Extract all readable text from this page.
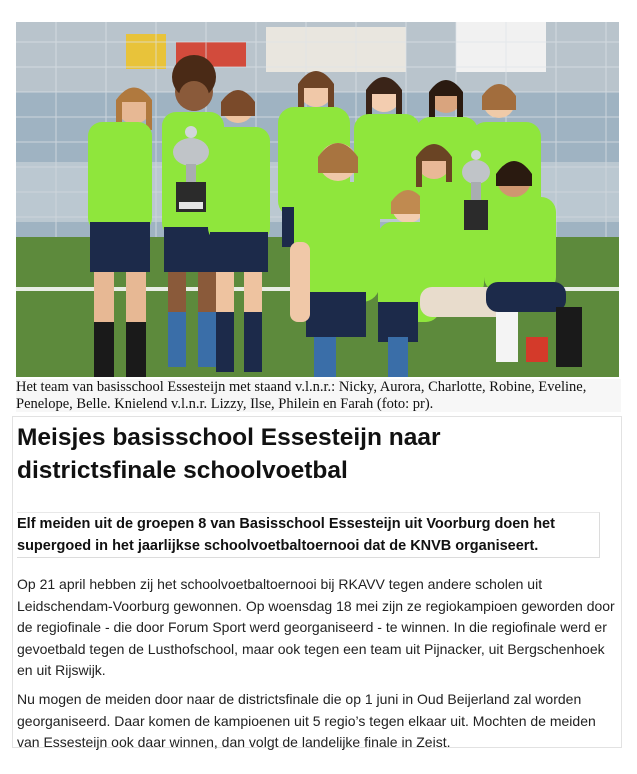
Het team van basisschool Essesteijn met staand v.l.n.r.: Nicky, Aurora, Charlotte, Robine, Eveline, Penelope, Belle. Knielend v.l.n.r. Lizzy, Ilse, Philein en Farah (foto: pr).
Meisjes basisschool Essesteijn naar districtsfinale schoolvoetbal

Elf meiden uit de groepen 8 van Basisschool Essesteijn uit Voorburg doen het supergoed in het jaarlijkse schoolvoetbaltoernooi dat de KNVB organiseert.

Op 21 april hebben zij het schoolvoetbaltoernooi bij RKAVV tegen andere scholen uit Leidschendam-Voorburg gewonnen. Op woensdag 18 mei zijn ze regiokampioen geworden door de regiofinale - die door Forum Sport werd georganiseerd - te winnen. In die regiofinale werd er gevoetbald tegen de Lusthofschool, maar ook tegen een team uit Pijnacker, uit Bergschenhoek en uit Rijswijk.

Nu mogen de meiden door naar de districtsfinale die op 1 juni in Oud Beijerland zal worden georganiseerd. Daar komen de kampioenen uit 5 regio’s tegen elkaar uit. Mochten de meiden van Essesteijn ook daar winnen, dan volgt de landelijke finale in Zeist.
